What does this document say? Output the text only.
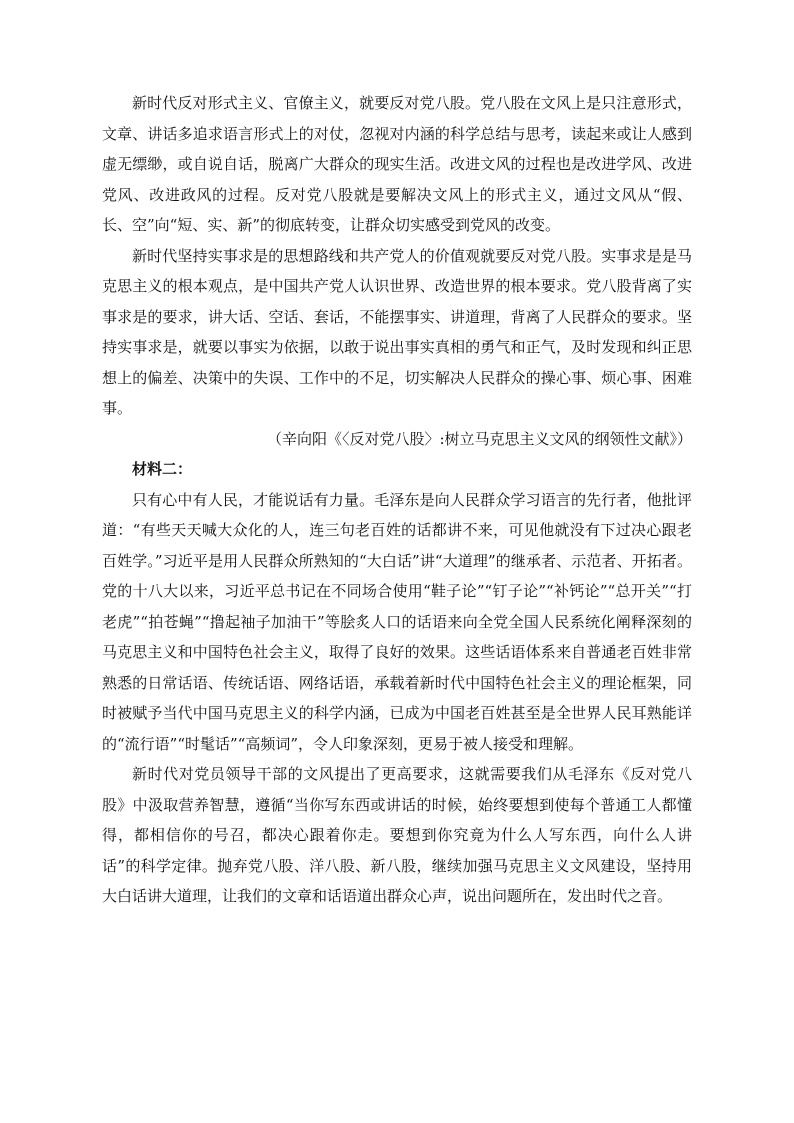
新时代反对形式主义、官僚主义，就要反对党八股。党八股在文风上是只注意形式，文章、讲话多追求语言形式上的对仗，忽视对内涵的科学总结与思考，读起来或让人感到虚无缥缈，或自说自话，脱离广大群众的现实生活。改进文风的过程也是改进学风、改进党风、改进政风的过程。反对党八股就是要解决文风上的形式主义，通过文风从“假、长、空”向“短、实、新”的彻底转变，让群众切实感受到党风的改变。

新时代坚持实事求是的思想路线和共产党人的价值观就要反对党八股。实事求是是马克思主义的根本观点，是中国共产党人认识世界、改造世界的根本要求。党八股背离了实事求是的要求，讲大话、空话、套话，不能摆事实、讲道理，背离了人民群众的要求。坚持实事求是，就要以事实为依据，以敢于说出事实真相的勇气和正气，及时发现和纠正思想上的偏差、决策中的失误、工作中的不足，切实解决人民群众的操心事、烦心事、困难事。

（辛向阳《〈反对党八股〉:树立马克思主义文风的纲领性文献》）

材料二：

只有心中有人民，才能说话有力量。毛泽东是向人民群众学习语言的先行者，他批评道：“有些天天喊大众化的人，连三句老百姓的话都讲不来，可见他就没有下过决心跟老百姓学。”习近平是用人民群众所熟知的“大白话”讲“大道理”的继承者、示范者、开拓者。党的十八大以来，习近平总书记在不同场合使用“鞋子论”“钉子论”“补钙论”“总开关”“打老虎”“拍苍蝇”“撸起袖子加油干”等脍炙人口的话语来向全党全国人民系统化阐释深刻的马克思主义和中国特色社会主义，取得了良好的效果。这些话语体系来自普通老百姓非常熟悉的日常话语、传统话语、网络话语，承载着新时代中国特色社会主义的理论框架，同时被赋予当代中国马克思主义的科学内涵，已成为中国老百姓甚至是全世界人民耳熟能详的“流行语”“时髦话”“高频词”，令人印象深刻，更易于被人接受和理解。

新时代对党员领导干部的文风提出了更高要求，这就需要我们从毛泽东《反对党八股》中汲取营养智慧，遵循“当你写东西或讲话的时候，始终要想到使每个普通工人都懂得，都相信你的号召，都决心跟着你走。要想到你究竟为什么人写东西，向什么人讲话”的科学定律。抛弃党八股、洋八股、新八股，继续加强马克思主义文风建设，坚持用大白话讲大道理，让我们的文章和话语道出群众心声，说出问题所在，发出时代之音。
